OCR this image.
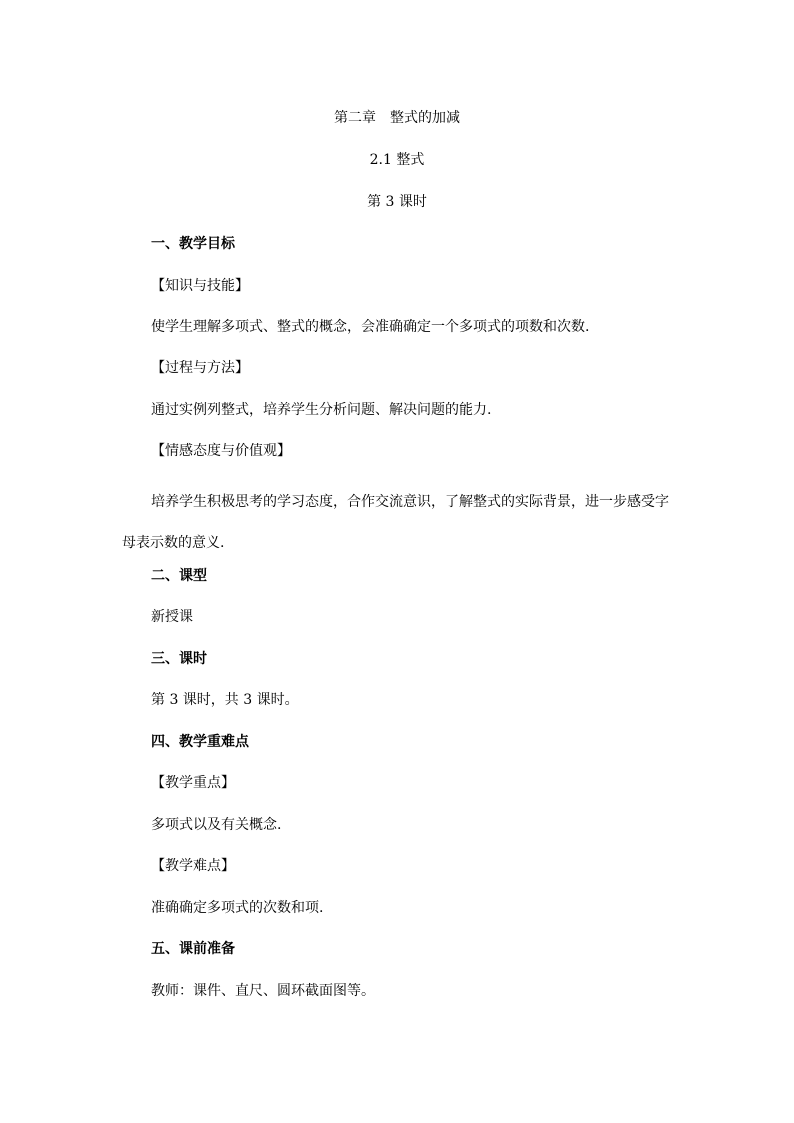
第二章　整式的加减
2.1 整式
第 3 课时
一、教学目标
【知识与技能】
使学生理解多项式、整式的概念，会准确确定一个多项式的项数和次数.
【过程与方法】
通过实例列整式，培养学生分析问题、解决问题的能力.
【情感态度与价值观】
培养学生积极思考的学习态度，合作交流意识，了解整式的实际背景，进一步感受字母表示数的意义.
二、课型
新授课
三、课时
第 3 课时，共 3 课时。
四、教学重难点
【教学重点】
多项式以及有关概念.
【教学难点】
准确确定多项式的次数和项.
五、课前准备
教师：课件、直尺、圆环截面图等。
